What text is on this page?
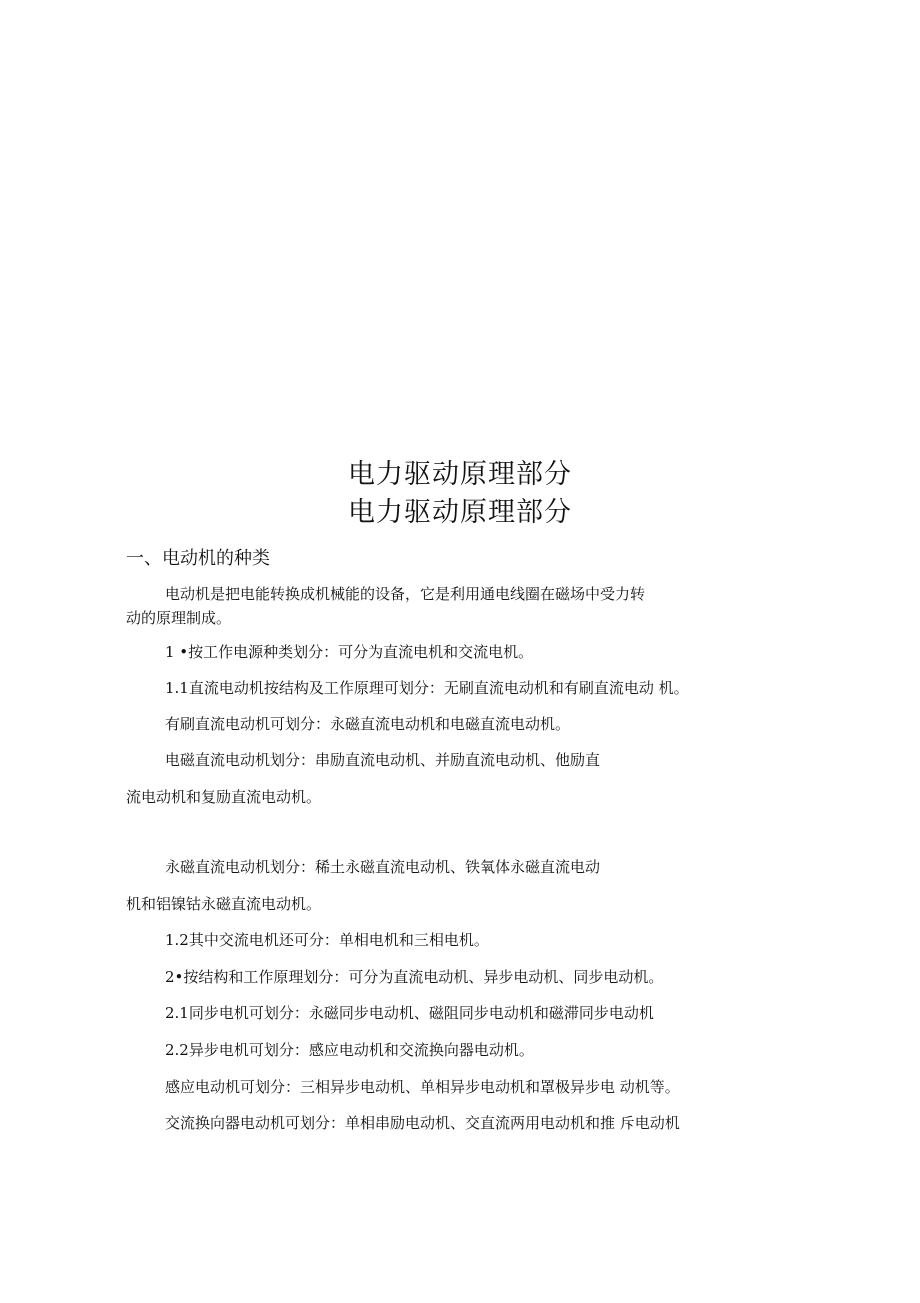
电力驱动原理部分
电力驱动原理部分
一、电动机的种类
电动机是把电能转换成机械能的设备，它是利用通电线圈在磁场中受力转
动的原理制成。
1 •按工作电源种类划分：可分为直流电机和交流电机。
1.1直流电动机按结构及工作原理可划分：无刷直流电动机和有刷直流电动 机。
有刷直流电动机可划分：永磁直流电动机和电磁直流电动机。
电磁直流电动机划分：串励直流电动机、并励直流电动机、他励直
流电动机和复励直流电动机。
永磁直流电动机划分：稀土永磁直流电动机、铁氧体永磁直流电动
机和铝镍钴永磁直流电动机。
1.2其中交流电机还可分：单相电机和三相电机。
2•按结构和工作原理划分：可分为直流电动机、异步电动机、同步电动机。
2.1同步电机可划分：永磁同步电动机、磁阻同步电动机和磁滞同步电动机
2.2异步电机可划分：感应电动机和交流换向器电动机。
感应电动机可划分：三相异步电动机、单相异步电动机和罩极异步电 动机等。
交流换向器电动机可划分：单相串励电动机、交直流两用电动机和推 斥电动机
